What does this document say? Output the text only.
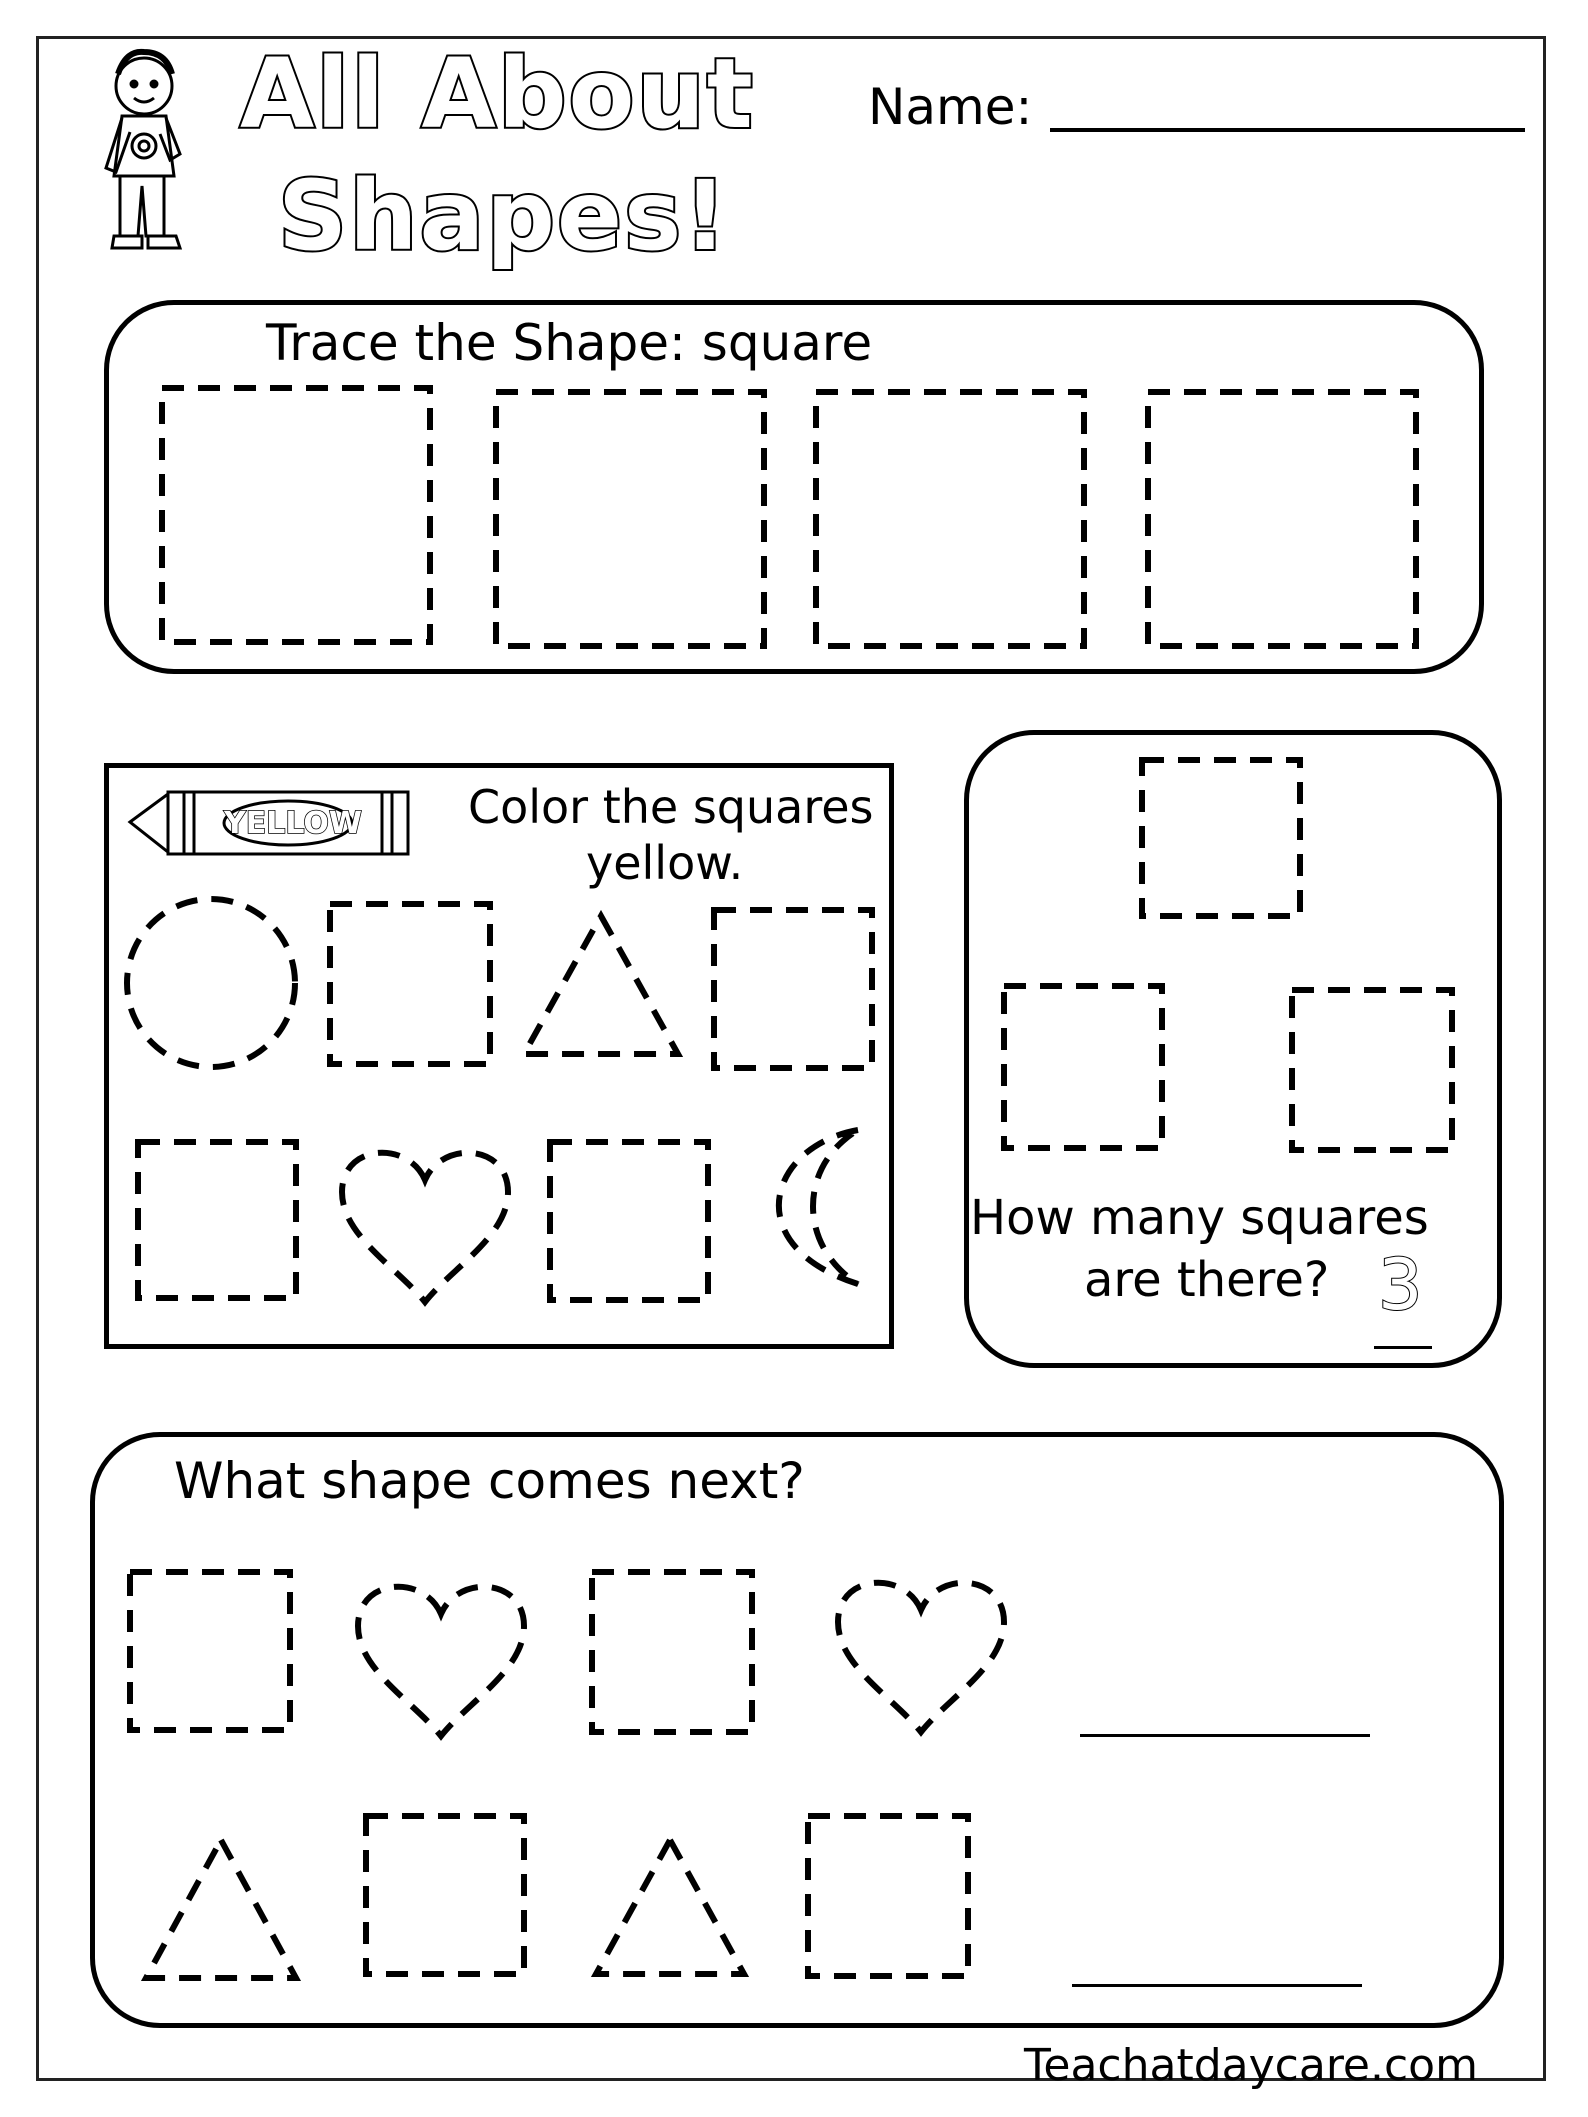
All About
Shapes!
Name:
Trace the Shape: square
YELLOW Color the squares
yellow.
How many squares
are there? 3
What shape comes next?
Teachatdaycare.com
